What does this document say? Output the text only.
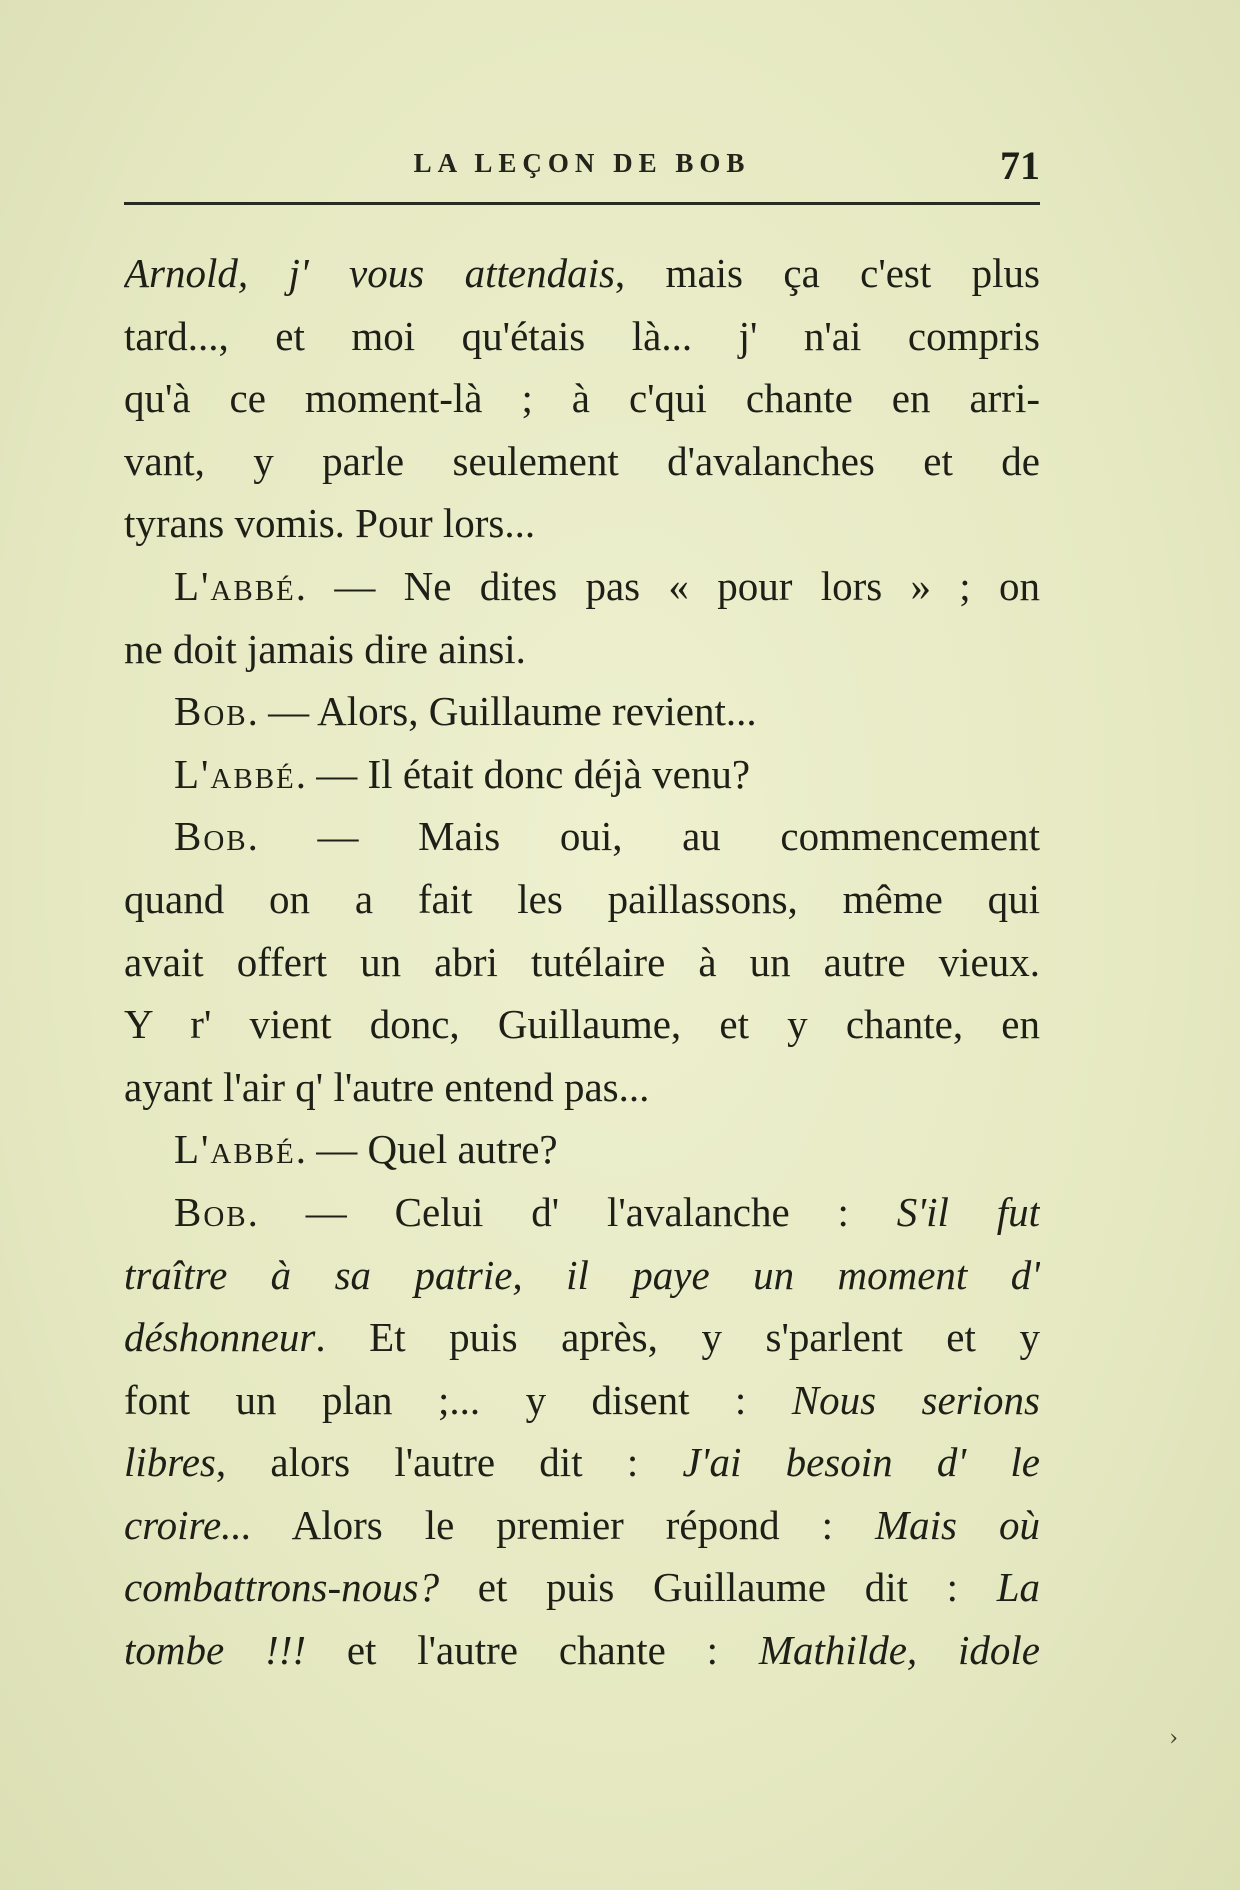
LA LEÇON DE BOB	71
Arnold, j' vous attendais, mais ça c'est plus
tard..., et moi qu'étais là... j' n'ai compris
qu'à ce moment-là ; à c'qui chante en arri-
vant, y parle seulement d'avalanches et de
tyrans vomis. Pour lors...
L'abbé. — Ne dites pas « pour lors » ; on
ne doit jamais dire ainsi.
Bob. — Alors, Guillaume revient...
L'abbé. — Il était donc déjà venu?
Bob. — Mais oui, au commencement
quand on a fait les paillassons, même qui
avait offert un abri tutélaire à un autre vieux.
Y r' vient donc, Guillaume, et y chante, en
ayant l'air q' l'autre entend pas...
L'abbé. — Quel autre?
Bob. — Celui d' l'avalanche : S'il fut
traître à sa patrie, il paye un moment d'
déshonneur. Et puis après, y s'parlent et y
font un plan ;... y disent : Nous serions
libres, alors l'autre dit : J'ai besoin d' le
croire... Alors le premier répond : Mais où
combattrons-nous? et puis Guillaume dit : La
tombe !!! et l'autre chante : Mathilde, idole
›
